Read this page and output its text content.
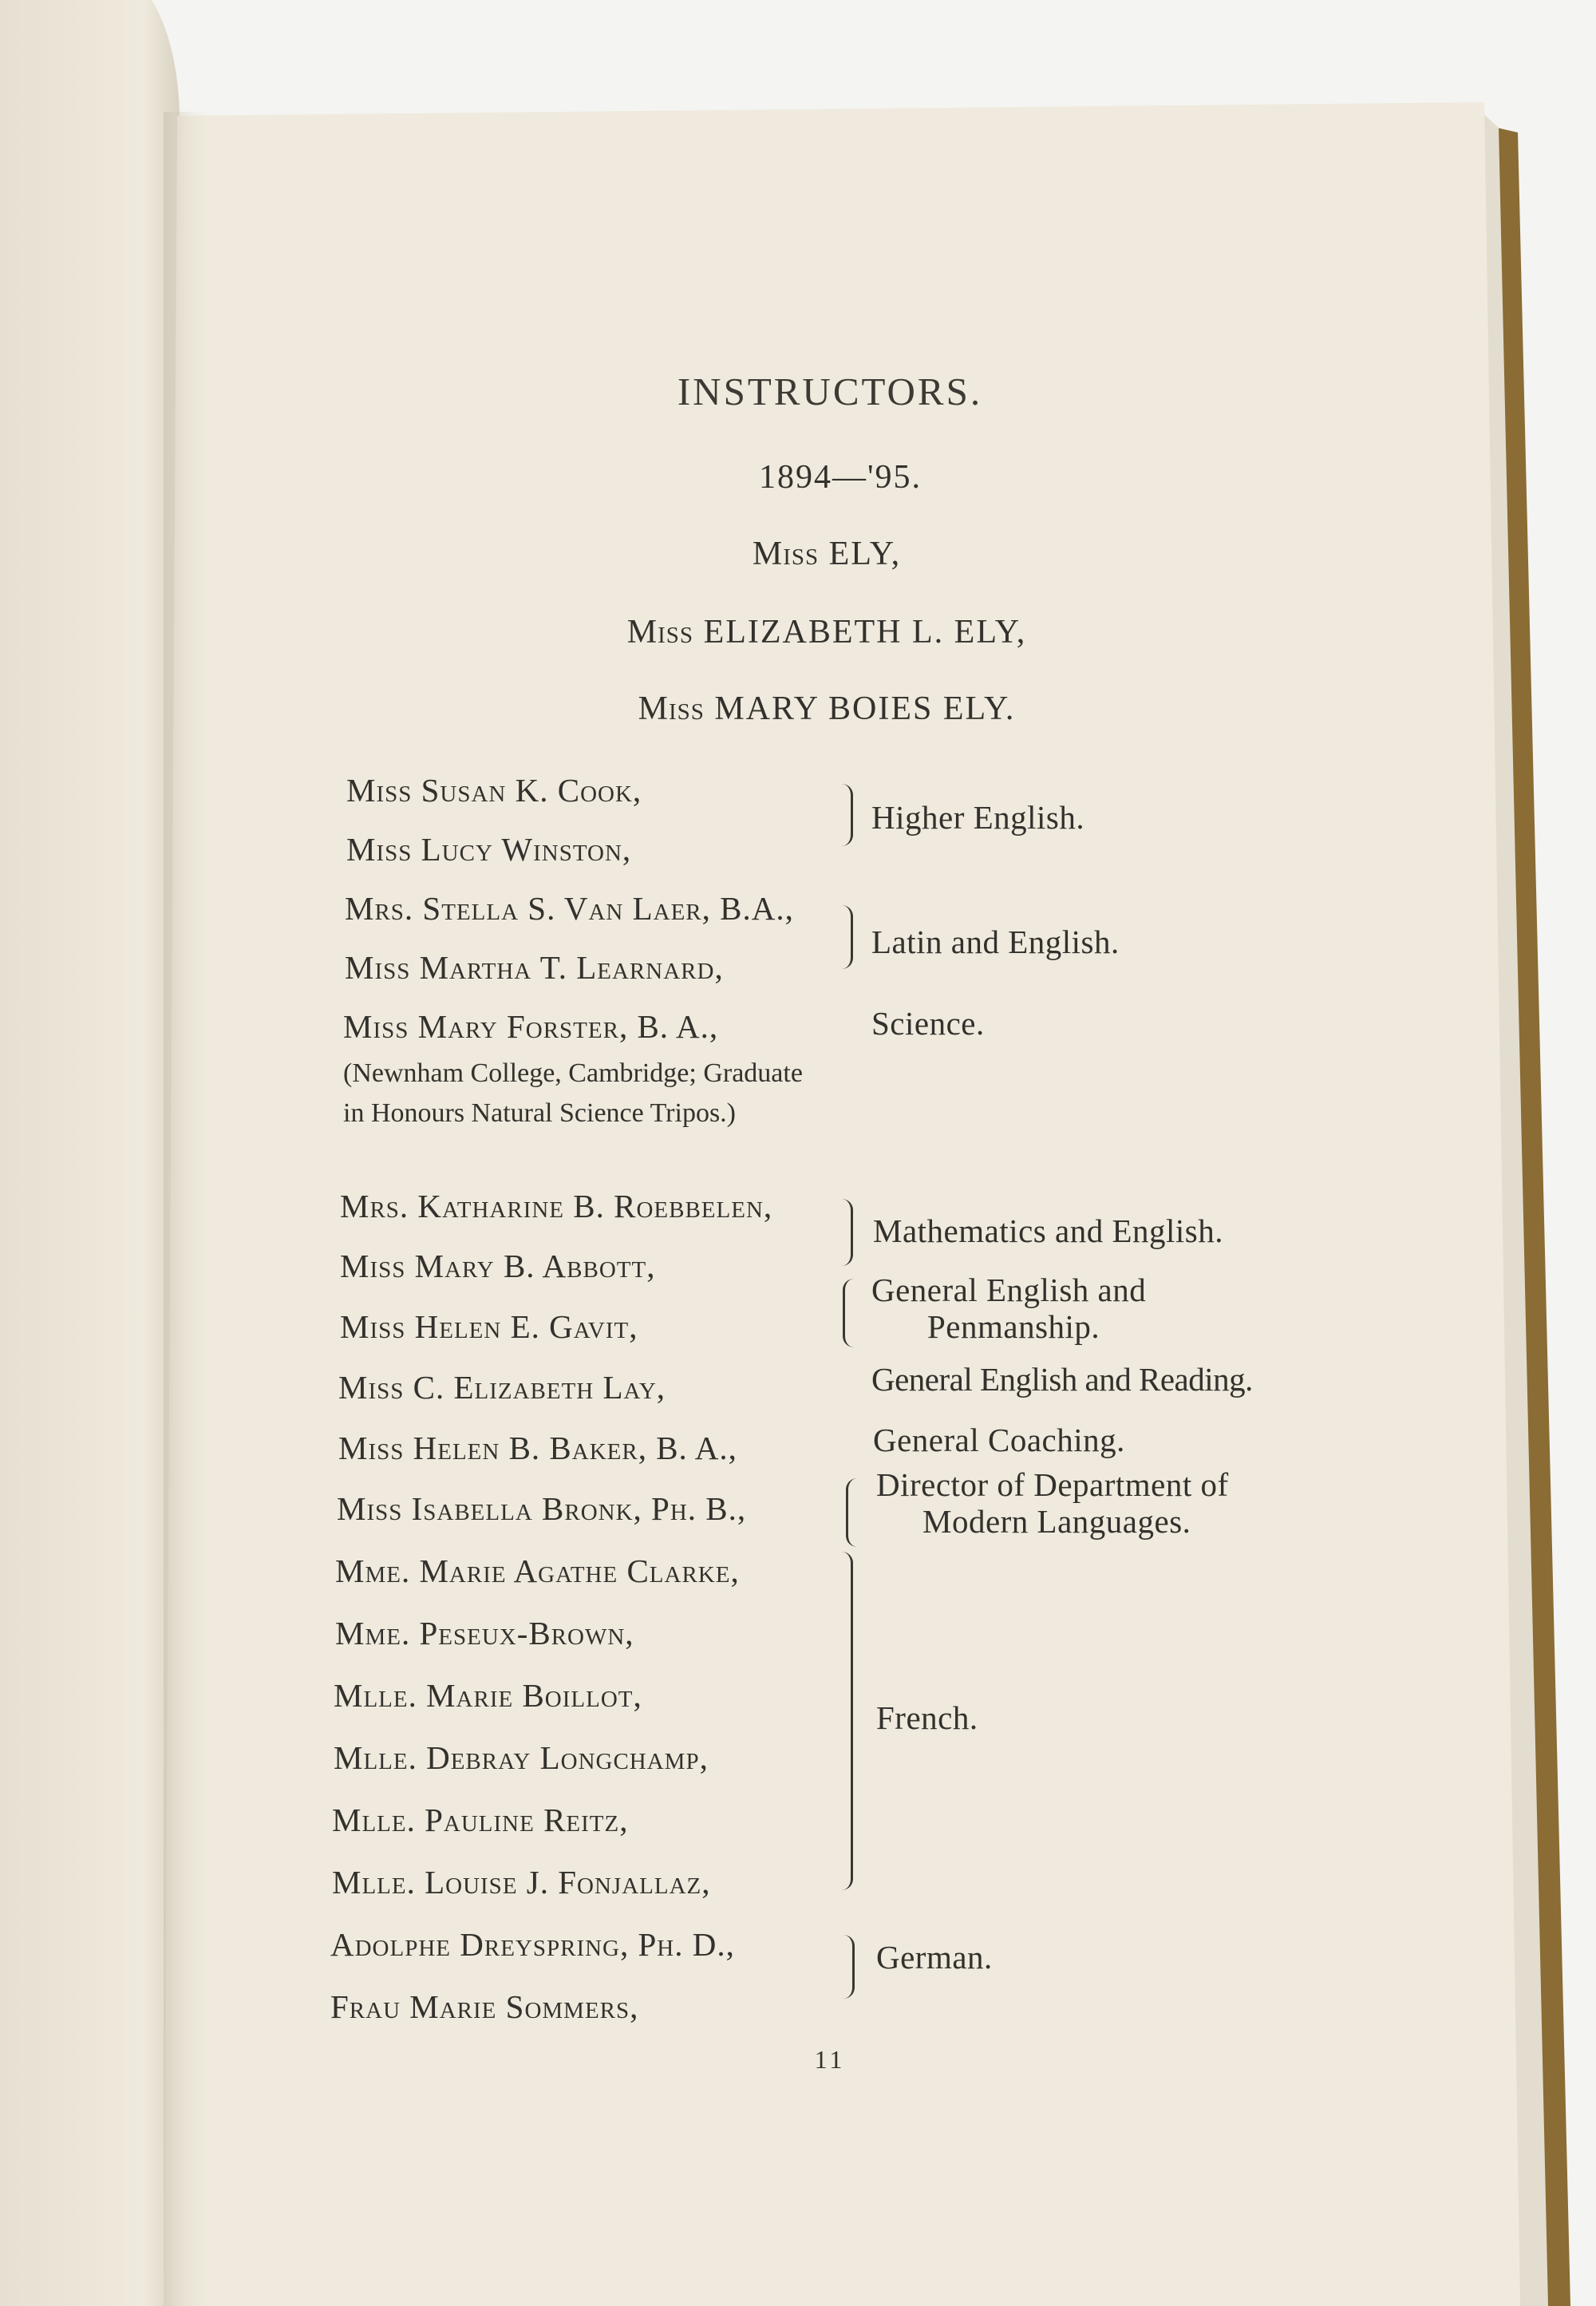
INSTRUCTORS.
1894—'95.
Miss ELY,
Miss ELIZABETH L. ELY,
Miss MARY BOIES ELY.
Miss Susan K. Cook,
Miss Lucy Winston,
Mrs. Stella S. Van Laer, B.A.,
Miss Martha T. Learnard,
Miss Mary Forster, B. A.,
(Newnham College, Cambridge; Graduate in Honours Natural Science Tripos.)
Mrs. Katharine B. Roebbelen,
Miss Mary B. Abbott,
Miss Helen E. Gavit,
Miss C. Elizabeth Lay,
Miss Helen B. Baker, B. A.,
Miss Isabella Bronk, Ph. B.,
Mme. Marie Agathe Clarke,
Mme. Peseux-Brown,
Mlle. Marie Boillot,
Mlle. Debray Longchamp,
Mlle. Pauline Reitz,
Mlle. Louise J. Fonjallaz,
Adolphe Dreyspring, Ph. D.,
Frau Marie Sommers,
Higher English.
Latin and English.
Science.
Mathematics and English.
General English and
Penmanship.
General English and Reading.
General Coaching.
Director of Department of
Modern Languages.
French.
German.
11
